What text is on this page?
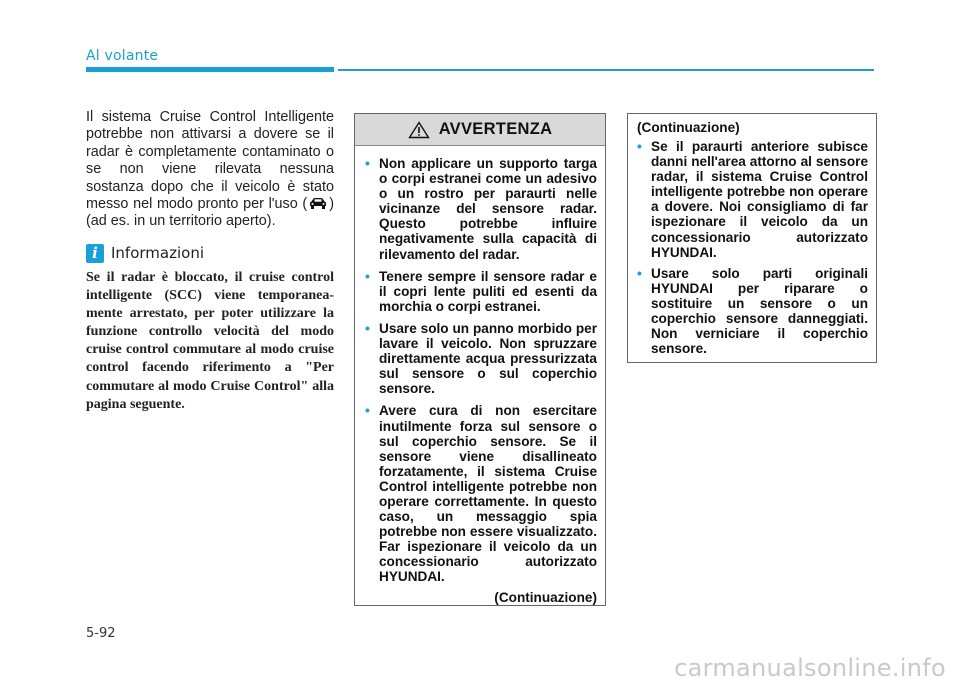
Al volante

Il sistema Cruise Control Intelligente potrebbe non attivarsi a dovere se il radar è completamente contaminato o se non viene rilevata nessuna sostanza dopo che il veicolo è stato messo nel modo pronto per l'uso ( ) (ad es. in un territorio aperto).

i Informazioni
Se il radar è bloccato, il cruise control intelligente (SCC) viene temporanea- mente arrestato, per poter utilizzare la funzione controllo velocità del modo cruise control commutare al modo cruise control facendo riferimento a "Per commutare al modo Cruise Control" alla pagina seguente.
AVVERTENZA
• Non applicare un supporto targa o corpi estranei come un adesivo o un rostro per paraurti nelle vicinanze del sensore radar. Questo potrebbe influire negativamente sulla capacità di rilevamento del radar.
• Tenere sempre il sensore radar e il copri lente puliti ed esenti da morchia o corpi estranei.
• Usare solo un panno morbido per lavare il veicolo. Non spruzzare direttamente acqua pressurizzata sul sensore o sul coperchio sensore.
• Avere cura di non esercitare inutilmente forza sul sensore o sul coperchio sensore. Se il sensore viene disallineato forzatamente, il sistema Cruise Control intelligente potrebbe non operare correttamente. In questo caso, un messaggio spia potrebbe non essere visualizzato. Far ispezionare il veicolo da un concessionario autorizzato HYUNDAI.
(Continuazione)
(Continuazione)
• Se il paraurti anteriore subisce danni nell'area attorno al sensore radar, il sistema Cruise Control intelligente potrebbe non operare a dovere. Noi consigliamo di far ispezionare il veicolo da un concessionario autorizzato HYUNDAI.
• Usare solo parti originali HYUNDAI per riparare o sostituire un sensore o un coperchio sensore danneggiati. Non verniciare il coperchio sensore.
5-92
carmanualsonline.info
